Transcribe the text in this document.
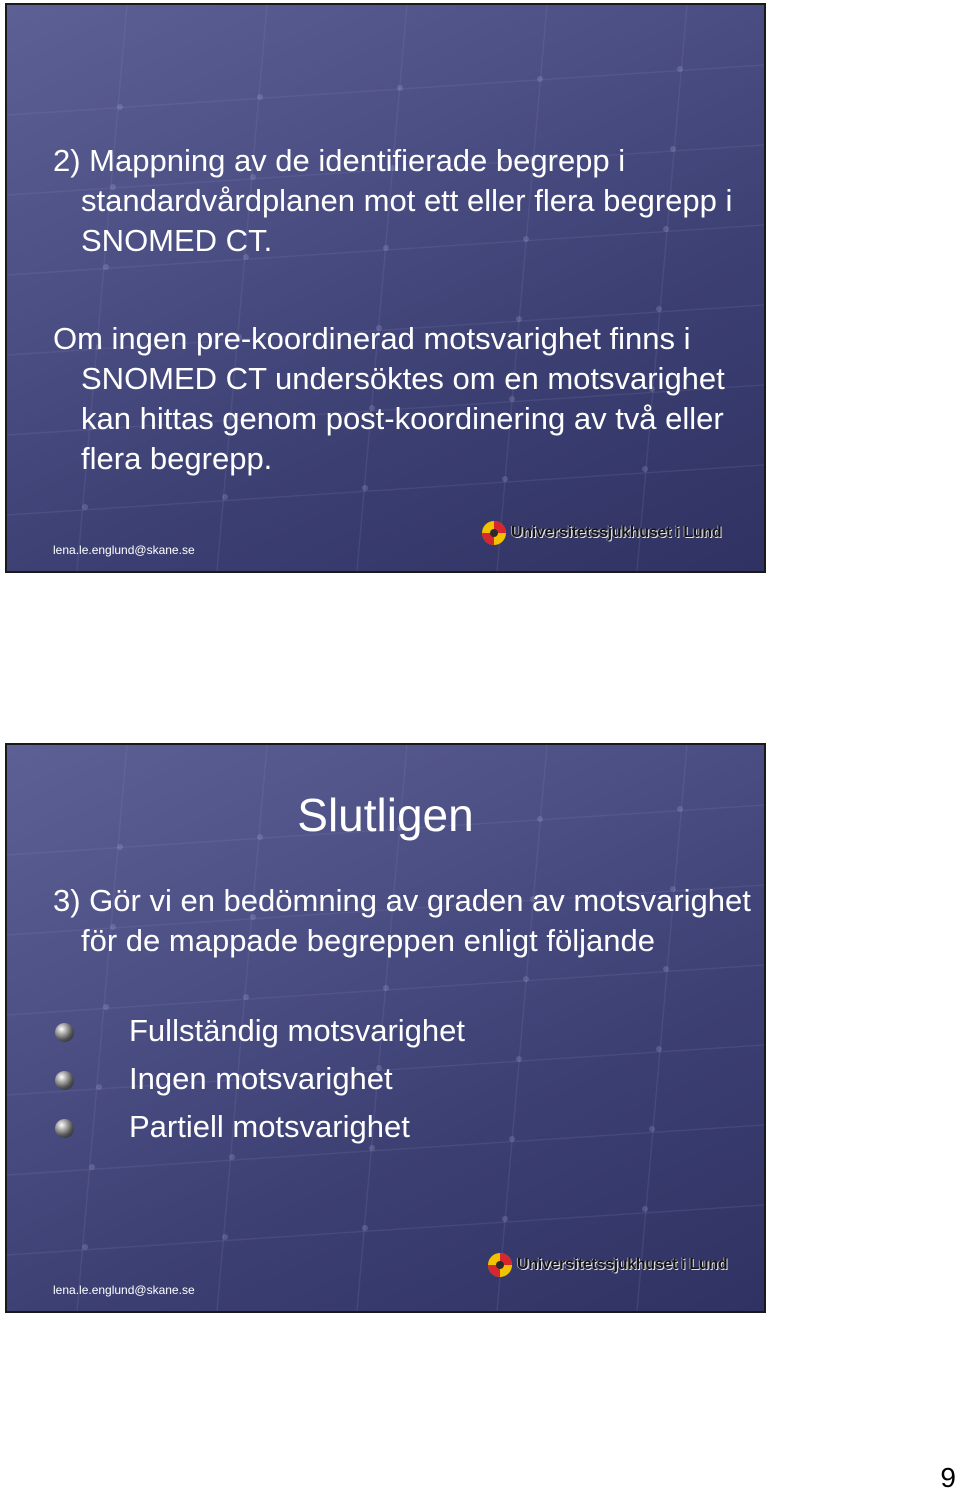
2) Mappning av de identifierade begrepp i standardvårdplanen mot ett eller flera begrepp i SNOMED CT.
Om ingen pre-koordinerad motsvarighet finns i SNOMED CT undersöktes om en motsvarighet kan hittas genom post-koordinering av två eller flera begrepp.
Universitetssjukhuset i Lund
lena.le.englund@skane.se
Slutligen
3) Gör vi en bedömning av graden av motsvarighet för de mappade begreppen enligt följande
Fullständig motsvarighet
Ingen motsvarighet
Partiell motsvarighet
Universitetssjukhuset i Lund
lena.le.englund@skane.se
9
